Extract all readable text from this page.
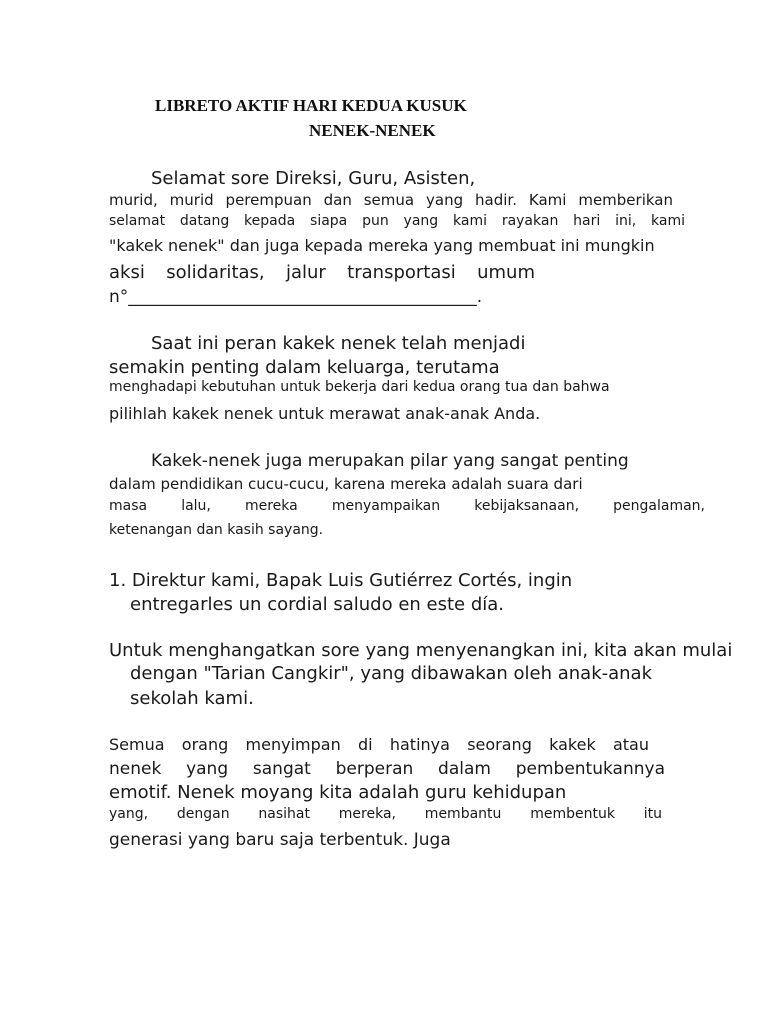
LIBRETO AKTIF HARI KEDUA KUSUK
NENEK-NENEK
Selamat sore Direksi, Guru, Asisten,
murid, murid perempuan dan semua yang hadir. Kami memberikan
selamat datang kepada siapa pun yang kami rayakan hari ini, kami
"kakek nenek" dan juga kepada mereka yang membuat ini mungkin
aksi solidaritas, jalur transportasi umum
n°_________________________________________.
Saat ini peran kakek nenek telah menjadi
semakin penting dalam keluarga, terutama
menghadapi kebutuhan untuk bekerja dari kedua orang tua dan bahwa
pilihlah kakek nenek untuk merawat anak-anak Anda.
Kakek-nenek juga merupakan pilar yang sangat penting
dalam pendidikan cucu-cucu, karena mereka adalah suara dari
masa lalu, mereka menyampaikan kebijaksanaan, pengalaman,
ketenangan dan kasih sayang.
1. Direktur kami, Bapak Luis Gutiérrez Cortés, ingin
entregarles un cordial saludo en este día.
Untuk menghangatkan sore yang menyenangkan ini, kita akan mulai
dengan "Tarian Cangkir", yang dibawakan oleh anak-anak
sekolah kami.
Semua orang menyimpan di hatinya seorang kakek atau
nenek yang sangat berperan dalam pembentukannya
emotif. Nenek moyang kita adalah guru kehidupan
yang, dengan nasihat mereka, membantu membentuk itu
generasi yang baru saja terbentuk. Juga
